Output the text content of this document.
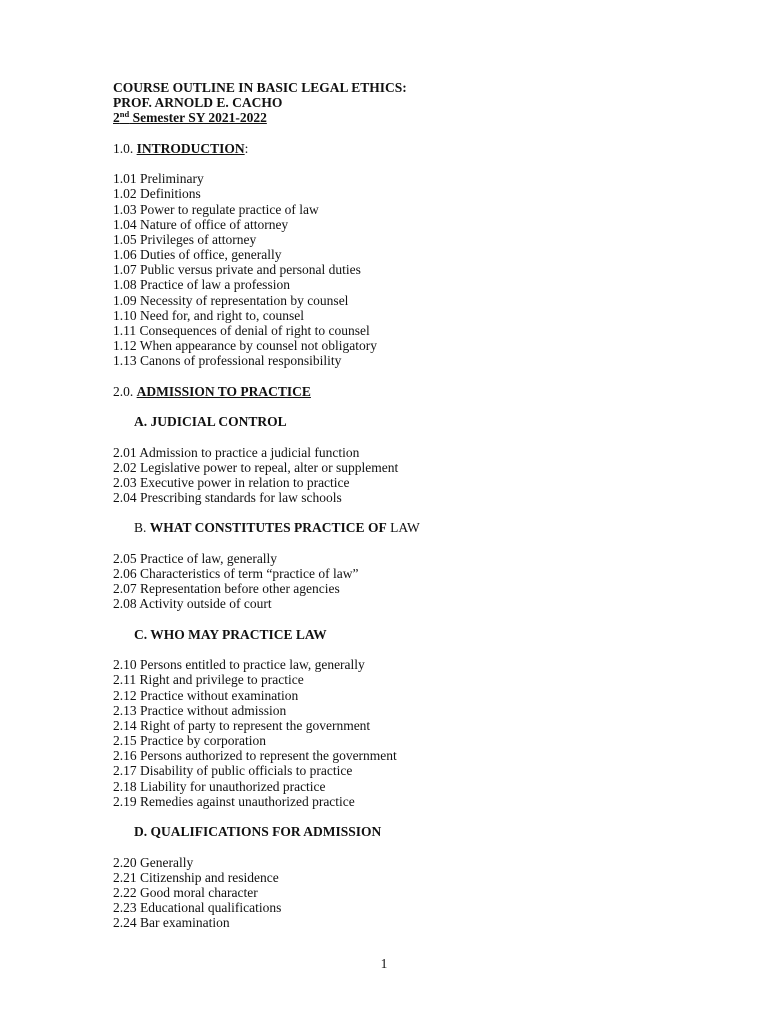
COURSE OUTLINE IN BASIC LEGAL ETHICS:
PROF. ARNOLD E. CACHO
2nd Semester SY 2021-2022
1.0. INTRODUCTION:
1.01 Preliminary
1.02 Definitions
1.03 Power to regulate practice of law
1.04 Nature of office of attorney
1.05 Privileges of attorney
1.06 Duties of office, generally
1.07 Public versus private and personal duties
1.08 Practice of law a profession
1.09 Necessity of representation by counsel
1.10 Need for, and right to, counsel
1.11 Consequences of denial of right to counsel
1.12 When appearance by counsel not obligatory
1.13 Canons of professional responsibility
2.0. ADMISSION TO PRACTICE
A. JUDICIAL CONTROL
2.01 Admission to practice a judicial function
2.02 Legislative power to repeal, alter or supplement
2.03 Executive power in relation to practice
2.04 Prescribing standards for law schools
B. WHAT CONSTITUTES PRACTICE OF LAW
2.05 Practice of law, generally
2.06 Characteristics of term “practice of law”
2.07 Representation before other agencies
2.08 Activity outside of court
C. WHO MAY PRACTICE LAW
2.10 Persons entitled to practice law, generally
2.11 Right and privilege to practice
2.12 Practice without examination
2.13 Practice without admission
2.14 Right of party to represent the government
2.15 Practice by corporation
2.16 Persons authorized to represent the government
2.17 Disability of public officials to practice
2.18 Liability for unauthorized practice
2.19 Remedies against unauthorized practice
D. QUALIFICATIONS FOR ADMISSION
2.20 Generally
2.21 Citizenship and residence
2.22 Good moral character
2.23 Educational qualifications
2.24 Bar examination
1
